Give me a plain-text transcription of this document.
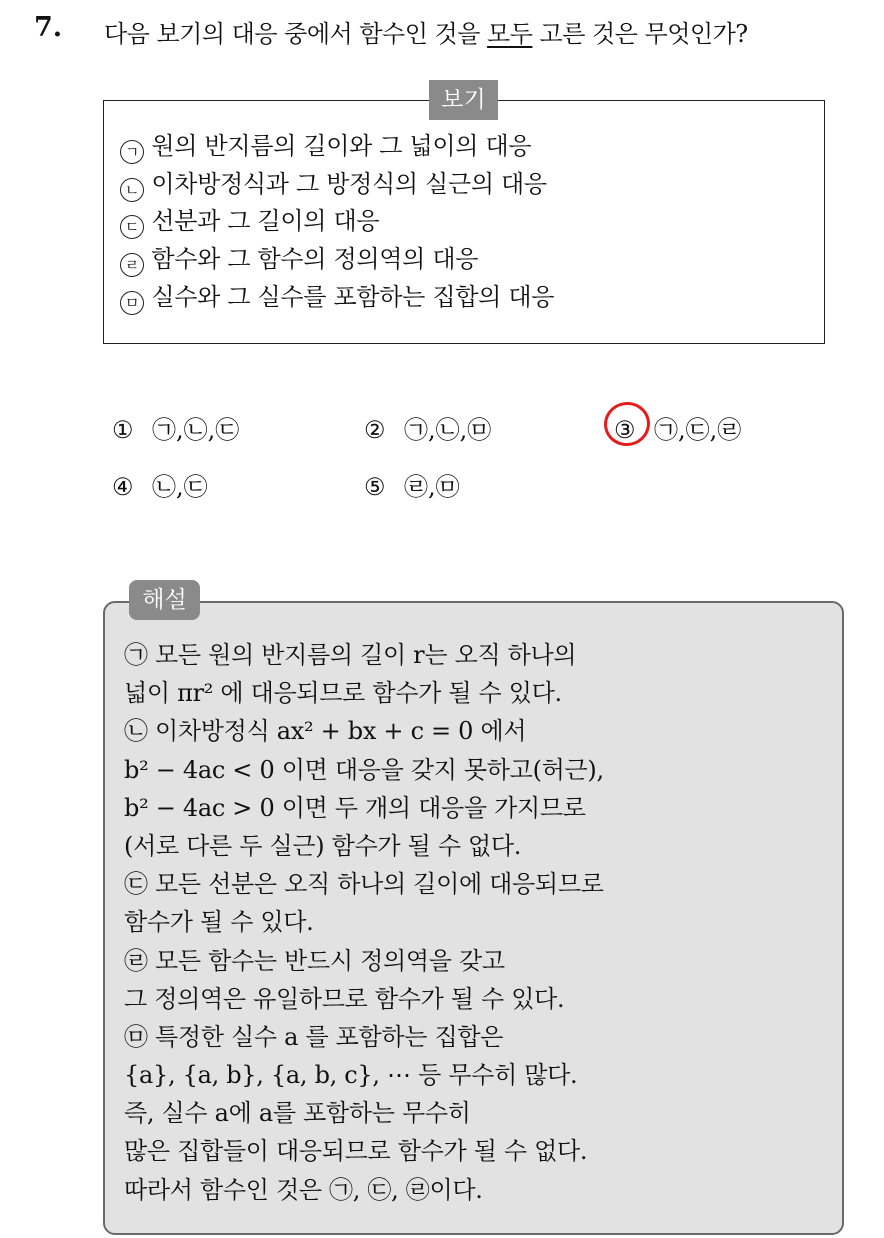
7. 다음 보기의 대응 중에서 함수인 것을 모두 고른 것은 무엇인가?
보기
ㄱ 원의 반지름의 길이와 그 넓이의 대응
ㄴ 이차방정식과 그 방정식의 실근의 대응
ㄷ 선분과 그 길이의 대응
ㄹ 함수와 그 함수의 정의역의 대응
ㅁ 실수와 그 실수를 포함하는 집합의 대응
① ㉠,㉡,㉢	② ㉠,㉡,㉤	③ ㉠,㉢,㉣
④ ㉡,㉢	⑤ ㉣,㉤
해설
㉠ 모든 원의 반지름의 길이 r는 오직 하나의
넓이 πr² 에 대응되므로 함수가 될 수 있다.
㉡ 이차방정식 ax² + bx + c = 0 에서
b² − 4ac < 0 이면 대응을 갖지 못하고(허근),
b² − 4ac > 0 이면 두 개의 대응을 가지므로
(서로 다른 두 실근) 함수가 될 수 없다.
㉢ 모든 선분은 오직 하나의 길이에 대응되므로
함수가 될 수 있다.
㉣ 모든 함수는 반드시 정의역을 갖고
그 정의역은 유일하므로 함수가 될 수 있다.
㉤ 특정한 실수 a 를 포함하는 집합은
{a}, {a, b}, {a, b, c}, ⋯ 등 무수히 많다.
즉, 실수 a에 a를 포함하는 무수히
많은 집합들이 대응되므로 함수가 될 수 없다.
따라서 함수인 것은 ㉠, ㉢, ㉣이다.
